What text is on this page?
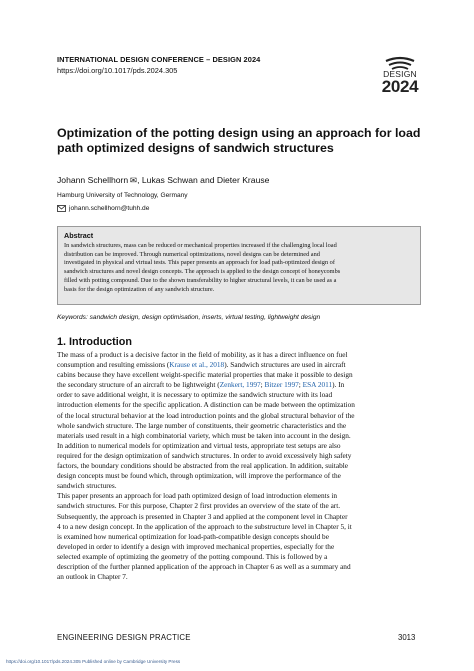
INTERNATIONAL DESIGN CONFERENCE – DESIGN 2024
https://doi.org/10.1017/pds.2024.305	DESIGN
2024
Optimization of the potting design using an approach for load path optimized designs of sandwich structures
Johann Schellhorn ✉, Lukas Schwan and Dieter Krause
Hamburg University of Technology, Germany
johann.schellhorn@tuhh.de
Abstract
In sandwich structures, mass can be reduced or mechanical properties increased if the challenging local load
distribution can be improved. Through numerical optimizations, novel designs can be determined and
investigated in physical and virtual tests. This paper presents an approach for load path-optimized design of
sandwich structures and novel design concepts. The approach is applied to the design concept of honeycombs
filled with potting compound. Due to the shown transferability to higher structural levels, it can be used as a
basis for the design optimization of any sandwich structure.
Keywords: sandwich design, design optimisation, inserts, virtual testing, lightweight design
1. Introduction
The mass of a product is a decisive factor in the field of mobility, as it has a direct influence on fuel
consumption and resulting emissions (Krause et al., 2018). Sandwich structures are used in aircraft
cabins because they have excellent weight-specific material properties that make it possible to design
the secondary structure of an aircraft to be lightweight (Zenkert, 1997; Bitzer 1997; ESA 2011). In
order to save additional weight, it is necessary to optimize the sandwich structure with its load
introduction elements for the specific application. A distinction can be made between the optimization
of the local structural behavior at the load introduction points and the global structural behavior of the
whole sandwich structure. The large number of constituents, their geometric characteristics and the
materials used result in a high combinatorial variety, which must be taken into account in the design.
In addition to numerical models for optimization and virtual tests, appropriate test setups are also
required for the design optimization of sandwich structures. In order to avoid excessively high safety
factors, the boundary conditions should be abstracted from the real application. In addition, suitable
design concepts must be found which, through optimization, will improve the performance of the
sandwich structures.
This paper presents an approach for load path optimized design of load introduction elements in
sandwich structures. For this purpose, Chapter 2 first provides an overview of the state of the art.
Subsequently, the approach is presented in Chapter 3 and applied at the component level in Chapter
4 to a new design concept. In the application of the approach to the substructure level in Chapter 5, it
is examined how numerical optimization for load-path-compatible design concepts should be
developed in order to identify a design with improved mechanical properties, especially for the
selected example of optimizing the geometry of the potting compound. This is followed by a
description of the further planned application of the approach in Chapter 6 as well as a summary and
an outlook in Chapter 7.
ENGINEERING DESIGN PRACTICE	3013
https://doi.org/10.1017/pds.2024.305 Published online by Cambridge University Press
